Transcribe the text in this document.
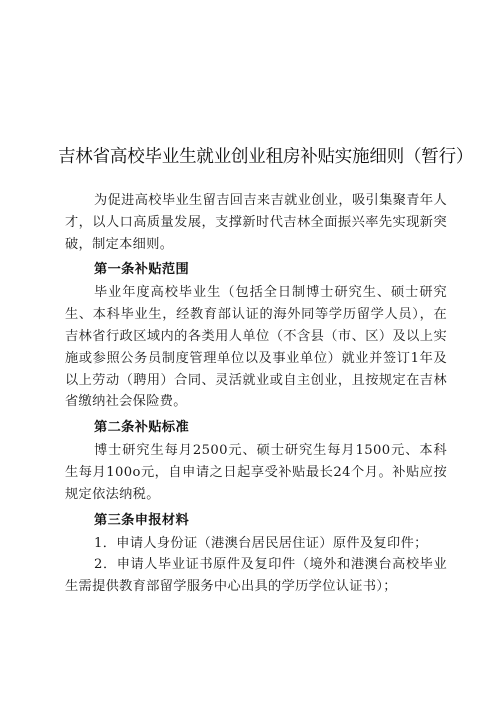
吉林省高校毕业生就业创业租房补贴实施细则（暂行）

为促进高校毕业生留吉回吉来吉就业创业，吸引集聚青年人才，以人口高质量发展，支撑新时代吉林全面振兴率先实现新突破，制定本细则。

第一条补贴范围

毕业年度高校毕业生（包括全日制博士研究生、硕士研究生、本科毕业生，经教育部认证的海外同等学历留学人员），在吉林省行政区域内的各类用人单位（不含县（市、区）及以上实施或参照公务员制度管理单位以及事业单位）就业并签订1年及以上劳动（聘用）合同、灵活就业或自主创业，且按规定在吉林省缴纳社会保险费。

第二条补贴标准

博士研究生每月2500元、硕士研究生每月1500元、本科生每月100o元，自申请之日起享受补贴最长24个月。补贴应按规定依法纳税。

第三条申报材料

1．申请人身份证（港澳台居民居住证）原件及复印件；

2．申请人毕业证书原件及复印件（境外和港澳台高校毕业生需提供教育部留学服务中心出具的学历学位认证书）；
